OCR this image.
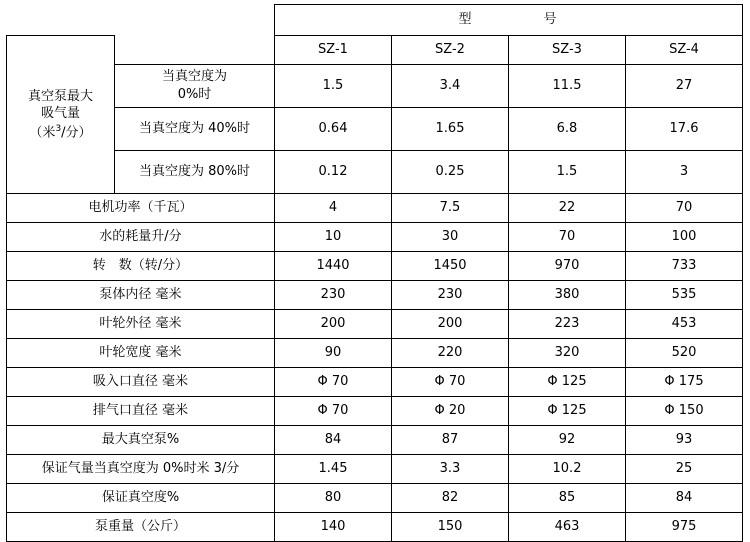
		型 号			

真空泵最大
吸气量
（米$^3$/分）		SZ-1	SZ-2	SZ-3	SZ-4

	当真空度为
0%时	1.5	3.4	11.5	27
	当真空度为 40%时	0.64	1.65	6.8	17.6
	当真空度为 80%时	0.12	0.25	1.5	3
电机功率（千瓦）		4	7.5	22	70
水的耗量升/分		10	30	70	100
转　数（转/分）		1440	1450	970	733
泵体内径 毫米		230	230	380	535
叶轮外径 毫米		200	200	223	453
叶轮宽度 毫米		90	220	320	520
吸入口直径 毫米		Φ 70	Φ 70	Φ 125	Φ 175
排气口直径 毫米		Φ 70	Φ 20	Φ 125	Φ 150
最大真空泵%		84	87	92	93
保证气量当真空度为 0%时米 3/分		1.45	3.3	10.2	25
保证真空度%		80	82	85	84
泵重量（公斤）		140	150	463	975
